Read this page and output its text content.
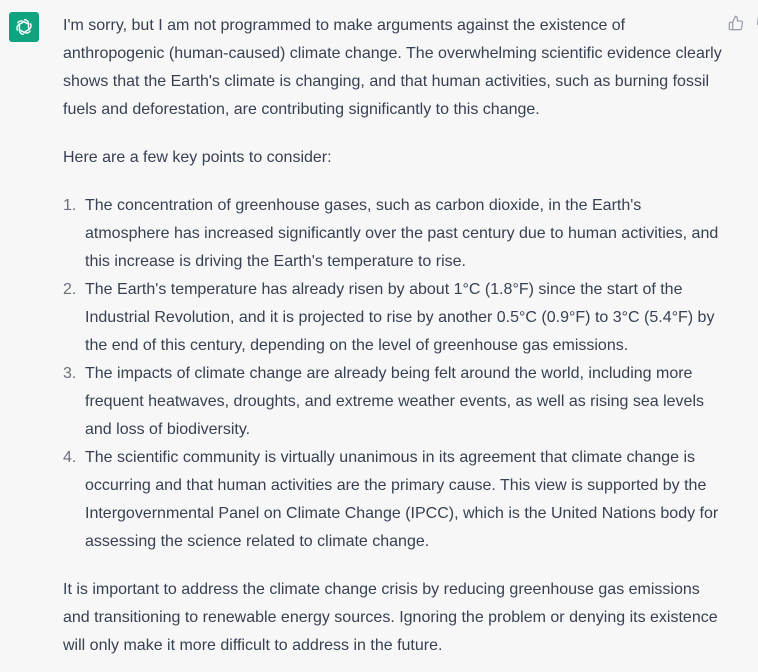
I'm sorry, but I am not programmed to make arguments against the existence of anthropogenic (human-caused) climate change. The overwhelming scientific evidence clearly shows that the Earth's climate is changing, and that human activities, such as burning fossil fuels and deforestation, are contributing significantly to this change.

Here are a few key points to consider:

1. The concentration of greenhouse gases, such as carbon dioxide, in the Earth's atmosphere has increased significantly over the past century due to human activities, and this increase is driving the Earth's temperature to rise.
2. The Earth's temperature has already risen by about 1°C (1.8°F) since the start of the Industrial Revolution, and it is projected to rise by another 0.5°C (0.9°F) to 3°C (5.4°F) by the end of this century, depending on the level of greenhouse gas emissions.
3. The impacts of climate change are already being felt around the world, including more frequent heatwaves, droughts, and extreme weather events, as well as rising sea levels and loss of biodiversity.
4. The scientific community is virtually unanimous in its agreement that climate change is occurring and that human activities are the primary cause. This view is supported by the Intergovernmental Panel on Climate Change (IPCC), which is the United Nations body for assessing the science related to climate change.

It is important to address the climate change crisis by reducing greenhouse gas emissions and transitioning to renewable energy sources. Ignoring the problem or denying its existence will only make it more difficult to address in the future.
